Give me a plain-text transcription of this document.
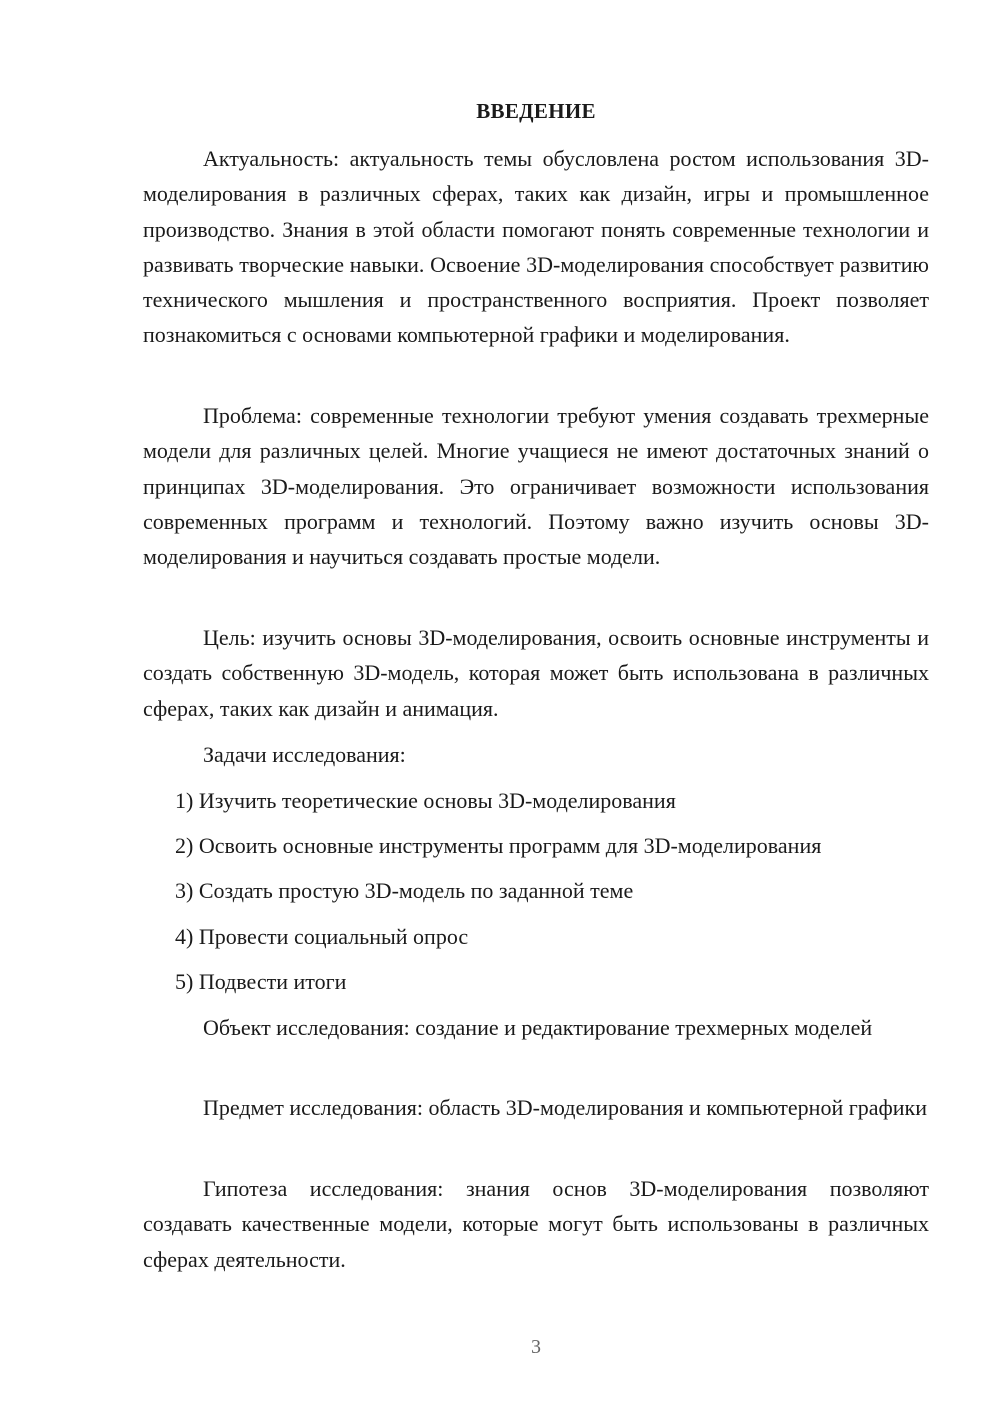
ВВЕДЕНИЕ

Актуальность: актуальность темы обусловлена ростом использования 3D-моделирования в различных сферах, таких как дизайн, игры и промышленное производство. Знания в этой области помогают понять современные технологии и развивать творческие навыки. Освоение 3D-моделирования способствует развитию технического мышления и пространственного восприятия. Проект позволяет познакомиться с основами компьютерной графики и моделирования.

Проблема: современные технологии требуют умения создавать трехмерные модели для различных целей. Многие учащиеся не имеют достаточных знаний о принципах 3D-моделирования. Это ограничивает возможности использования современных программ и технологий. Поэтому важно изучить основы 3D-моделирования и научиться создавать простые модели.

Цель: изучить основы 3D-моделирования, освоить основные инструменты и создать собственную 3D-модель, которая может быть использована в различных сферах, таких как дизайн и анимация.

Задачи исследования:

1) Изучить теоретические основы 3D-моделирования

2) Освоить основные инструменты программ для 3D-моделирования

3) Создать простую 3D-модель по заданной теме

4) Провести социальный опрос

5) Подвести итоги

Объект исследования: создание и редактирование трехмерных моделей

Предмет исследования: область 3D-моделирования и компьютерной графики

Гипотеза исследования: знания основ 3D-моделирования позволяют создавать качественные модели, которые могут быть использованы в различных сферах деятельности.

3
